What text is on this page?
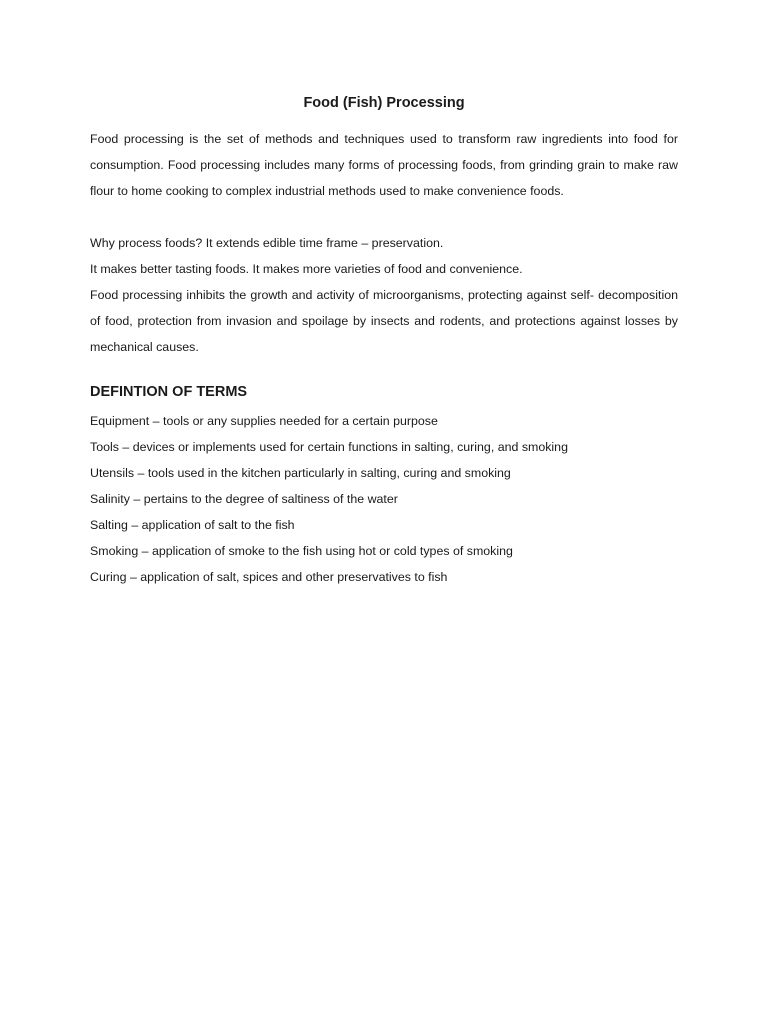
Food (Fish) Processing

Food processing is the set of methods and techniques used to transform raw ingredients into food for consumption. Food processing includes many forms of processing foods, from grinding grain to make raw flour to home cooking to complex industrial methods used to make convenience foods.

Why process foods? It extends edible time frame – preservation.

It makes better tasting foods. It makes more varieties of food and convenience.

Food processing inhibits the growth and activity of microorganisms, protecting against self- decomposition of food, protection from invasion and spoilage by insects and rodents, and protections against losses by mechanical causes.

DEFINTION OF TERMS
Equipment – tools or any supplies needed for a certain purpose
Tools – devices or implements used for certain functions in salting, curing, and smoking
Utensils – tools used in the kitchen particularly in salting, curing and smoking
Salinity – pertains to the degree of saltiness of the water
Salting – application of salt to the fish
Smoking – application of smoke to the fish using hot or cold types of smoking
Curing – application of salt, spices and other preservatives to fish
